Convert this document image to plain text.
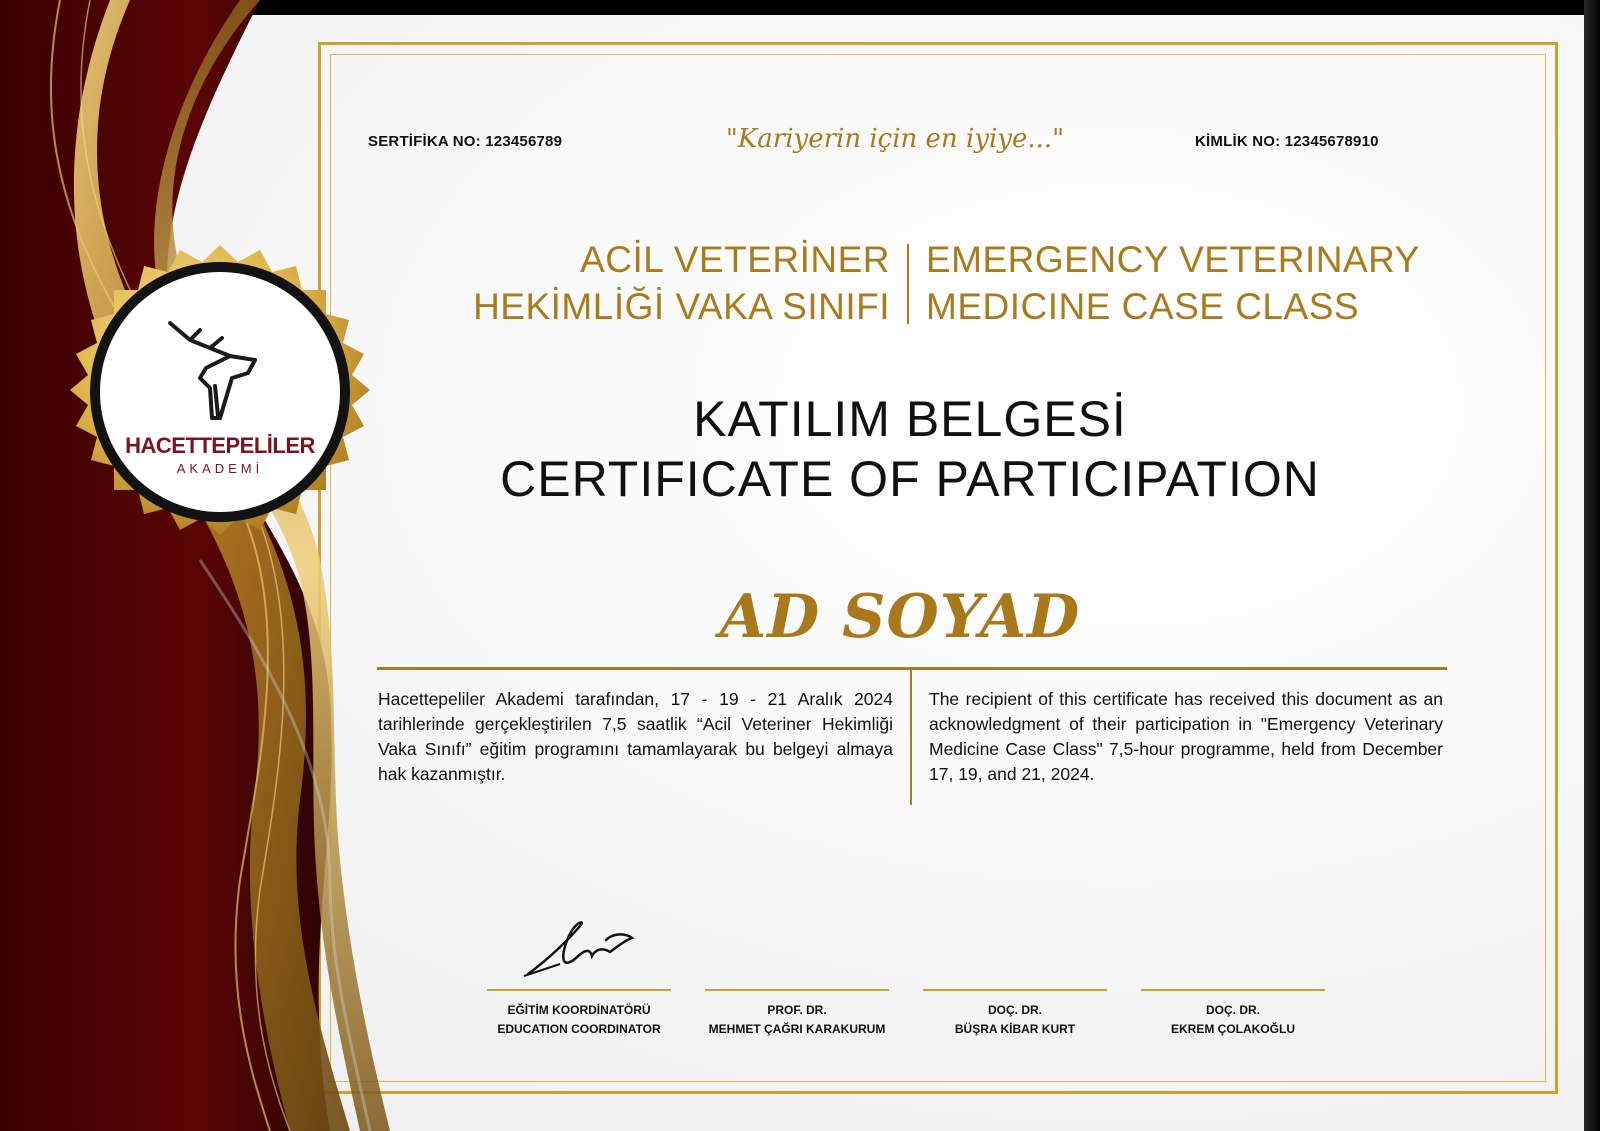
HACETTEPELİLER
AKADEMİ
SERTİFİKA NO: 123456789	"Kariyerin için en iyiye..."	KİMLİK NO: 12345678910
ACİL VETERİNER
HEKİMLİĞİ VAKA SINIFI
EMERGENCY VETERINARY
MEDICINE CASE CLASS
KATILIM BELGESİ
CERTIFICATE OF PARTICIPATION
AD SOYAD
Hacettepeliler Akademi tarafından, 17 - 19 - 21 Aralık 2024 tarihlerinde gerçekleştirilen 7,5 saatlik “Acil Veteriner Hekimliği Vaka Sınıfı” eğitim programını tamamlayarak bu belgeyi almaya hak kazanmıştır.
The recipient of this certificate has received this document as an acknowledgment of their participation in "Emergency Veterinary Medicine Case Class" 7,5-hour programme, held from December 17, 19, and 21, 2024.
EĞİTİM KOORDİNATÖRÜ
EDUCATION COORDINATOR
PROF. DR.
MEHMET ÇAĞRI KARAKURUM
DOÇ. DR.
BÜŞRA KİBAR KURT
DOÇ. DR.
EKREM ÇOLAKOĞLU
